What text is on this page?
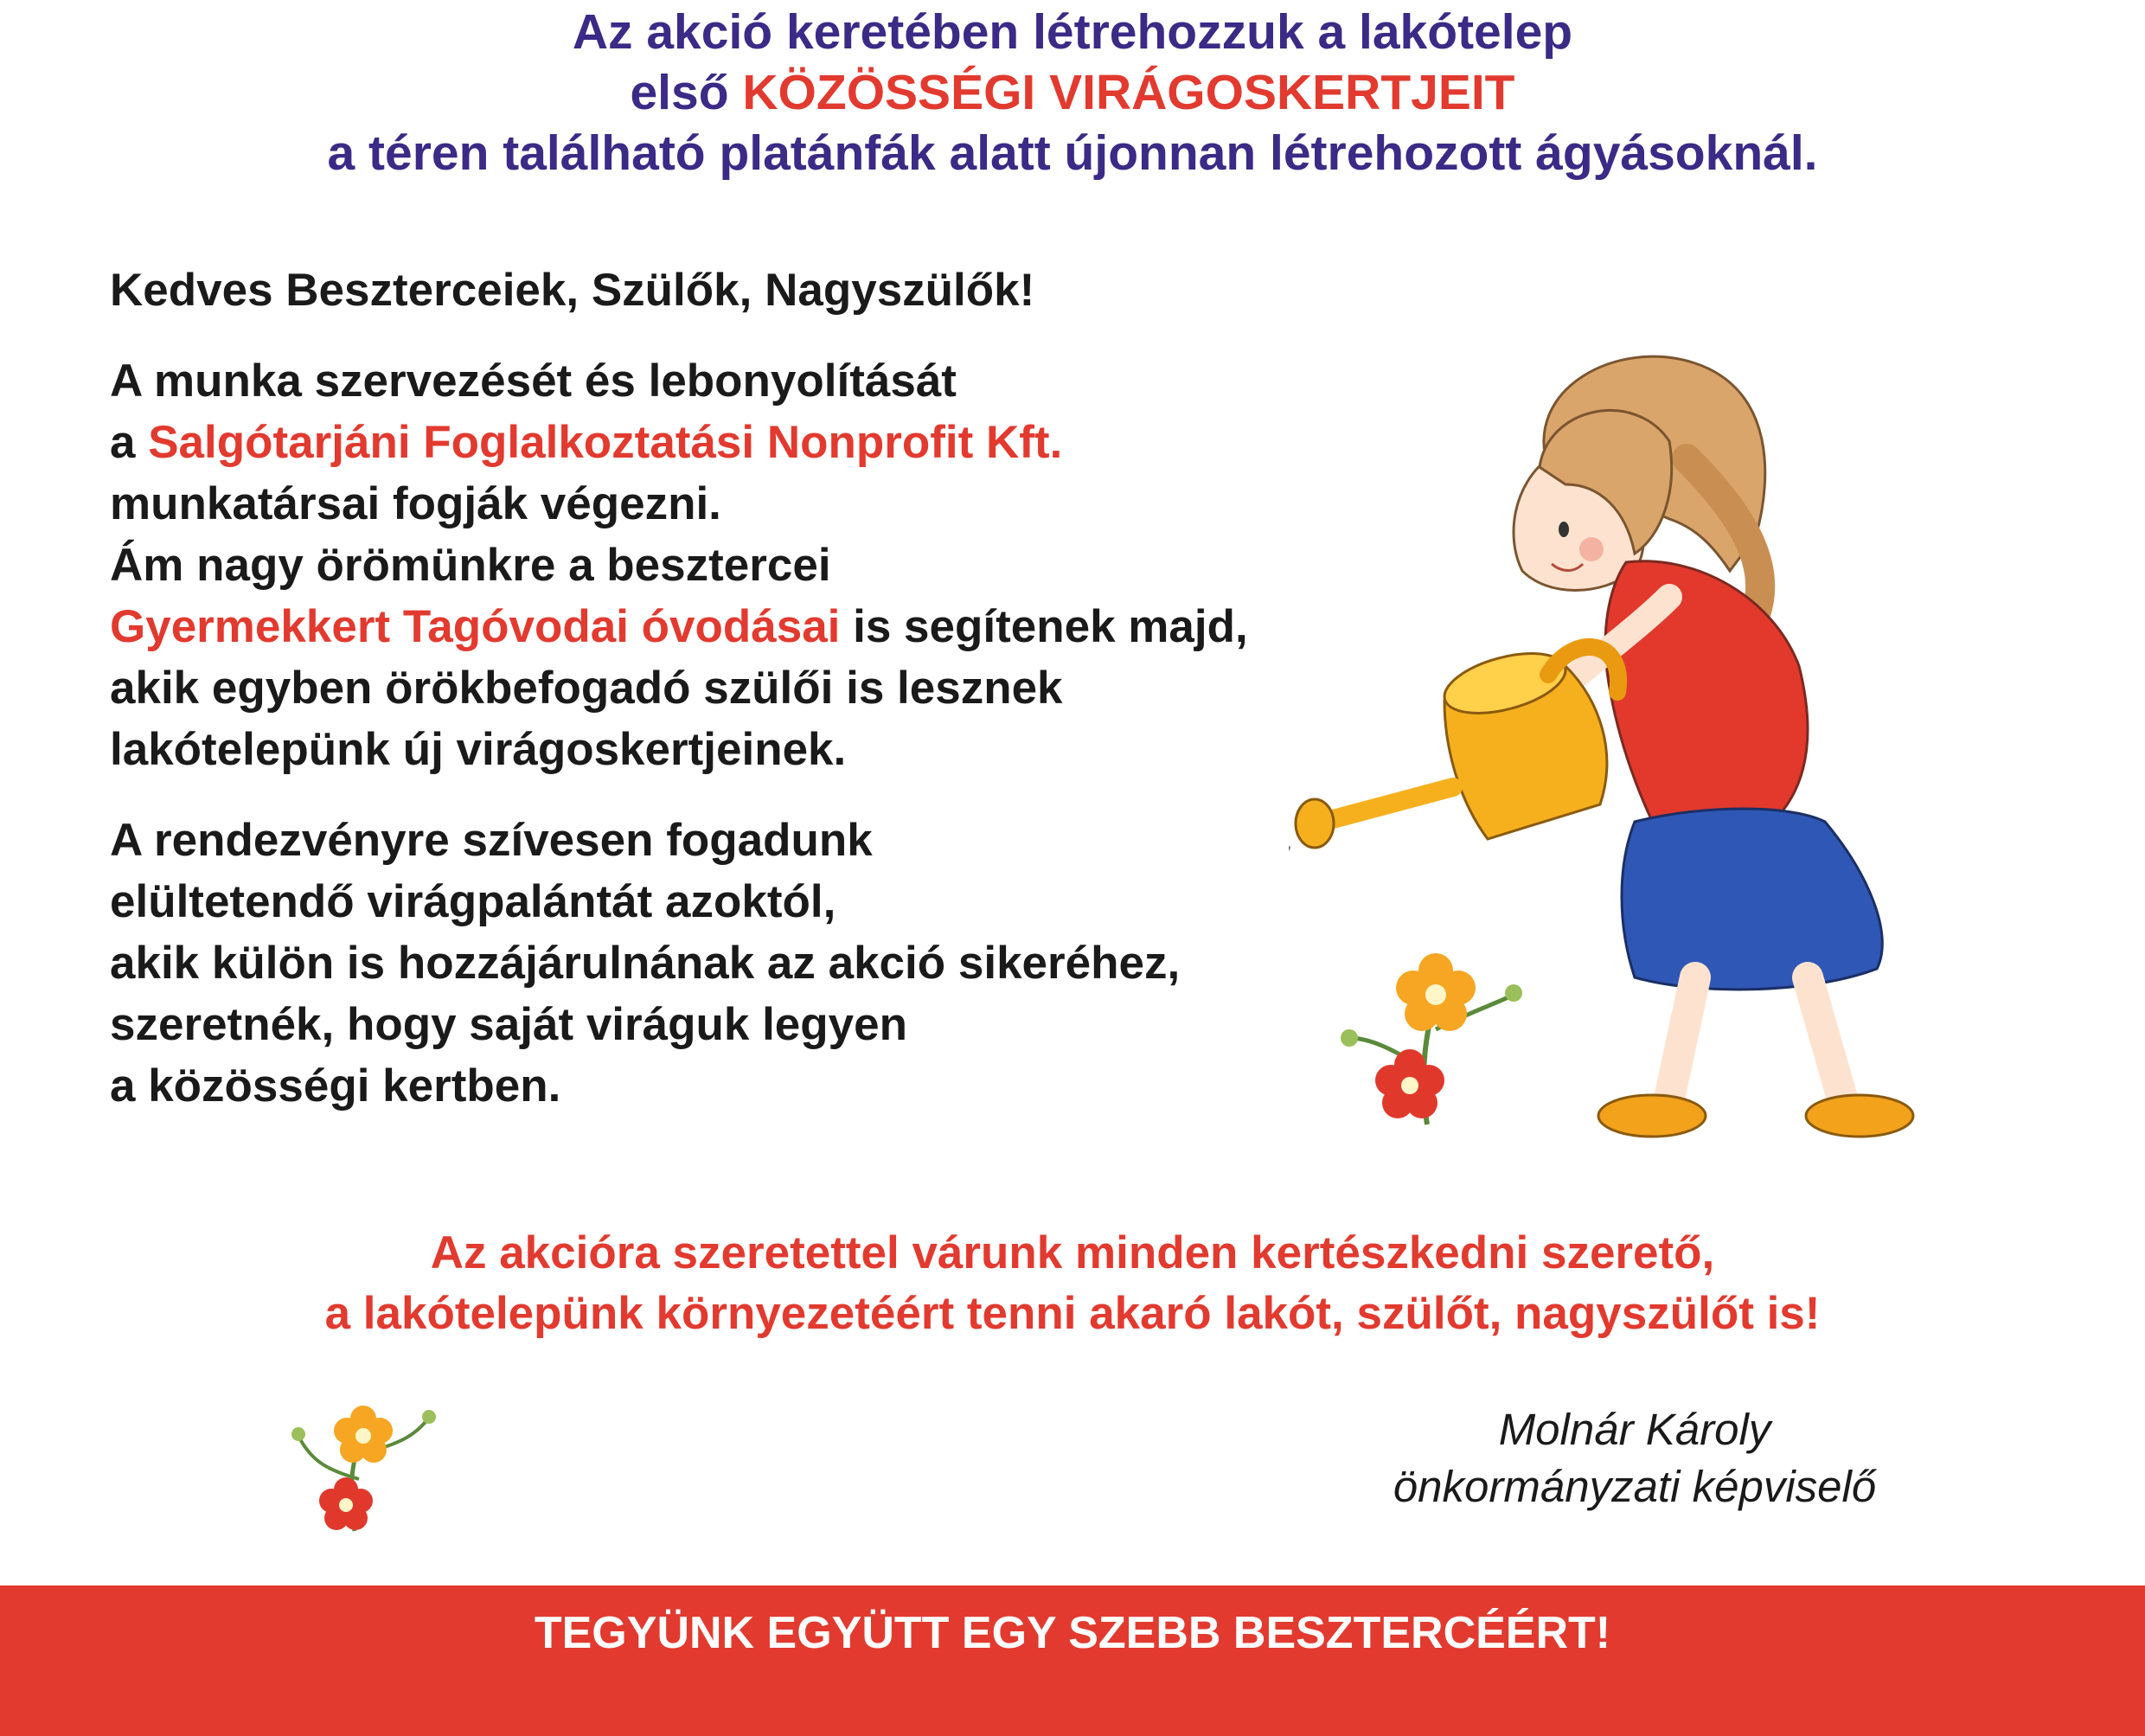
Az akció keretében létrehozzuk a lakótelep
első KÖZÖSSÉGI VIRÁGOSKERTJEIT
a téren található platánfák alatt újonnan létrehozott ágyásoknál.

Kedves Beszterceiek, Szülők, Nagyszülők!

A munka szervezését és lebonyolítását
a Salgótarjáni Foglalkoztatási Nonprofit Kft.
munkatársai fogják végezni.
Ám nagy örömünkre a besztercei
Gyermekkert Tagóvodai óvodásai is segítenek majd,
akik egyben örökbefogadó szülői is lesznek
lakótelepünk új virágoskertjeinek.

A rendezvényre szívesen fogadunk
elültetendő virágpalántát azoktól,
akik külön is hozzájárulnának az akció sikeréhez,
szeretnék, hogy saját viráguk legyen
a közösségi kertben.

Az akcióra szeretettel várunk minden kertészkedni szerető,
a lakótelepünk környezetéért tenni akaró lakót, szülőt, nagyszülőt is!
Molnár Károly
önkormányzati képviselő
TEGYÜNK EGYÜTT EGY SZEBB BESZTERCÉÉRT!
